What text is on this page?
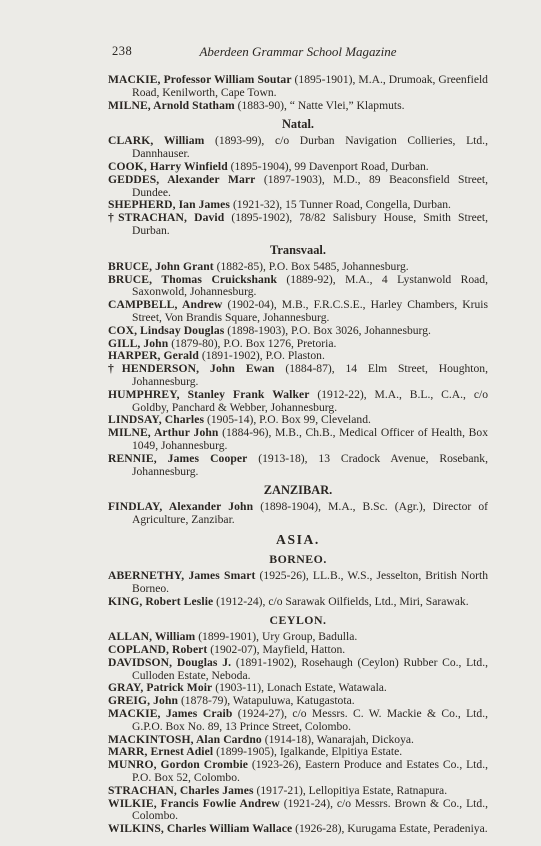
238	Aberdeen Grammar School Magazine

MACKIE, Professor William Soutar (1895-1901), M.A., Drumoak, Greenfield Road, Kenilworth, Cape Town.

MILNE, Arnold Statham (1883-90), “ Natte Vlei,” Klapmuts.

Natal.

CLARK, William (1893-99), c/o Durban Navigation Collieries, Ltd., Dannhauser.

COOK, Harry Winfield (1895-1904), 99 Davenport Road, Durban.

GEDDES, Alexander Marr (1897-1903), M.D., 89 Beaconsfield Street, Dundee.

SHEPHERD, Ian James (1921-32), 15 Tunner Road, Congella, Durban.

†STRACHAN, David (1895-1902), 78/82 Salisbury House, Smith Street, Durban.

Transvaal.

BRUCE, John Grant (1882-85), P.O. Box 5485, Johannesburg.

BRUCE, Thomas Cruickshank (1889-92), M.A., 4 Lystanwold Road, Saxonwold, Johannesburg.

CAMPBELL, Andrew (1902-04), M.B., F.R.C.S.E., Harley Chambers, Kruis Street, Von Brandis Square, Johannesburg.

COX, Lindsay Douglas (1898-1903), P.O. Box 3026, Johannesburg.

GILL, John (1879-80), P.O. Box 1276, Pretoria.

HARPER, Gerald (1891-1902), P.O. Plaston.

†HENDERSON, John Ewan (1884-87), 14 Elm Street, Houghton, Johannesburg.

HUMPHREY, Stanley Frank Walker (1912-22), M.A., B.L., C.A., c/o Goldby, Panchard & Webber, Johannesburg.

LINDSAY, Charles (1905-14), P.O. Box 99, Cleveland.

MILNE, Arthur John (1884-96), M.B., Ch.B., Medical Officer of Health, Box 1049, Johannesburg.

RENNIE, James Cooper (1913-18), 13 Cradock Avenue, Rosebank, Johannesburg.

ZANZIBAR.

FINDLAY, Alexander John (1898-1904), M.A., B.Sc. (Agr.), Director of Agriculture, Zanzibar.

ASIA.
BORNEO.

ABERNETHY, James Smart (1925-26), LL.B., W.S., Jesselton, British North Borneo.

KING, Robert Leslie (1912-24), c/o Sarawak Oilfields, Ltd., Miri, Sarawak.

CEYLON.

ALLAN, William (1899-1901), Ury Group, Badulla.

COPLAND, Robert (1902-07), Mayfield, Hatton.

DAVIDSON, Douglas J. (1891-1902), Rosehaugh (Ceylon) Rubber Co., Ltd., Culloden Estate, Neboda.

GRAY, Patrick Moir (1903-11), Lonach Estate, Watawala.

GREIG, John (1878-79), Watapuluwa, Katugastota.

MACKIE, James Craib (1924-27), c/o Messrs. C. W. Mackie & Co., Ltd., G.P.O. Box No. 89, 13 Prince Street, Colombo.

MACKINTOSH, Alan Cardno (1914-18), Wanarajah, Dickoya.

MARR, Ernest Adiel (1899-1905), Igalkande, Elpitiya Estate.

MUNRO, Gordon Crombie (1923-26), Eastern Produce and Estates Co., Ltd., P.O. Box 52, Colombo.

STRACHAN, Charles James (1917-21), Lellopitiya Estate, Ratnapura.

WILKIE, Francis Fowlie Andrew (1921-24), c/o Messrs. Brown & Co., Ltd., Colombo.

WILKINS, Charles William Wallace (1926-28), Kurugama Estate, Peradeniya.
